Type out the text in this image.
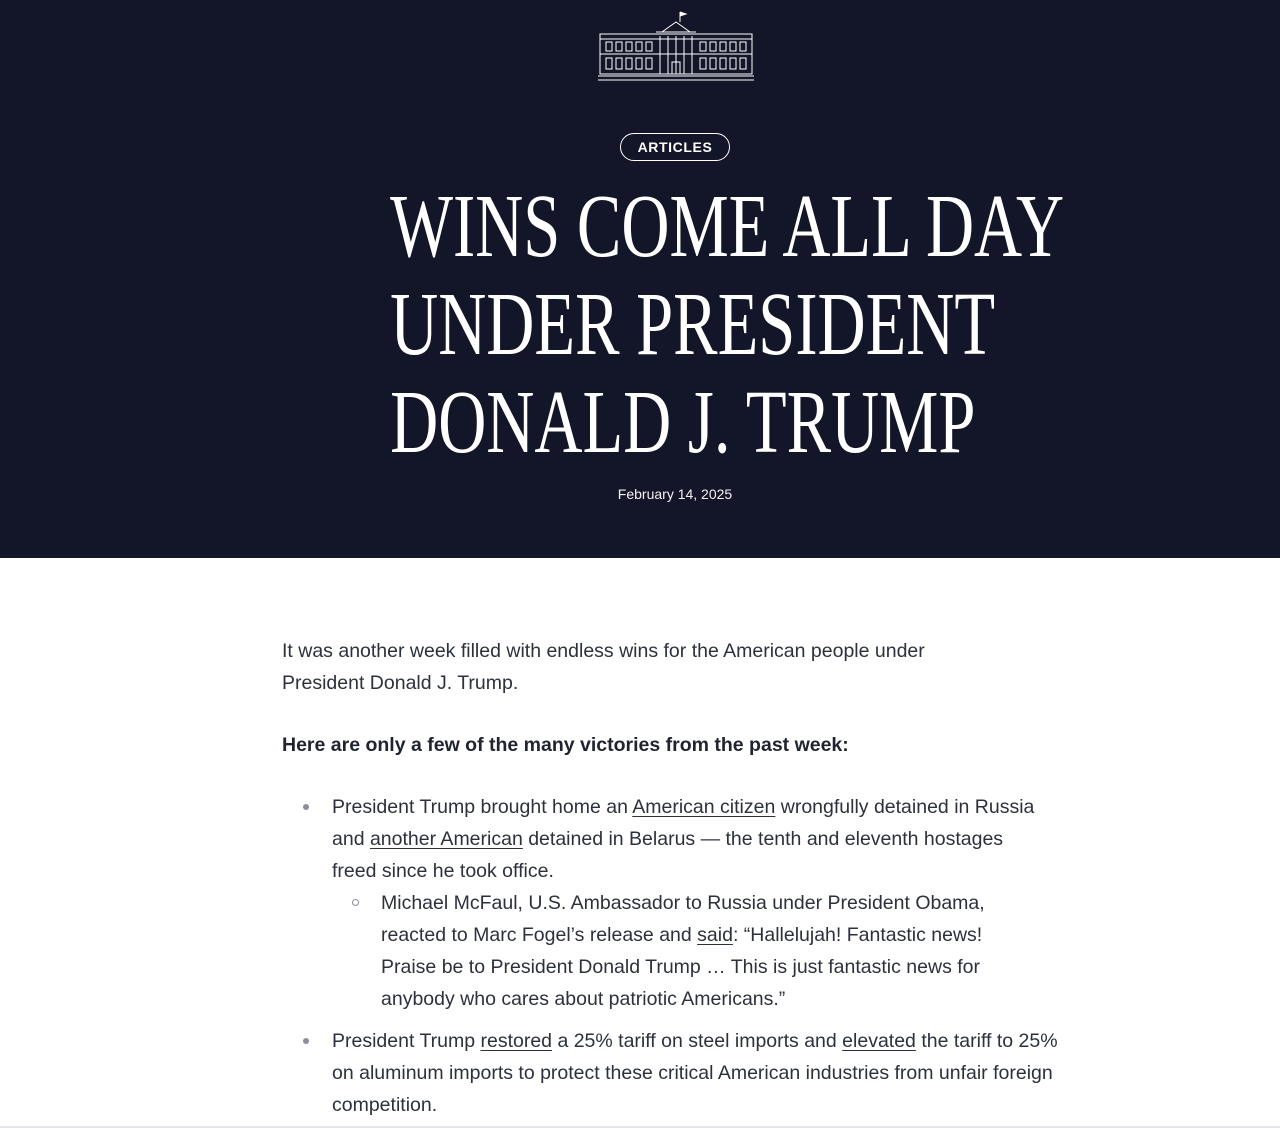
ARTICLES
WINS COME ALL DAY
UNDER PRESIDENT
DONALD J. TRUMP
February 14, 2025

It was another week filled with endless wins for the American people under President Donald J. Trump.

Here are only a few of the many victories from the past week:

President Trump brought home an American citizen wrongfully detained in Russia and another American detained in Belarus — the tenth and eleventh hostages freed since he took office.
Michael McFaul, U.S. Ambassador to Russia under President Obama, reacted to Marc Fogel’s release and said: “Hallelujah! Fantastic news! Praise be to President Donald Trump … This is just fantastic news for anybody who cares about patriotic Americans.”
President Trump restored a 25% tariff on steel imports and elevated the tariff to 25% on aluminum imports to protect these critical American industries from unfair foreign competition.
